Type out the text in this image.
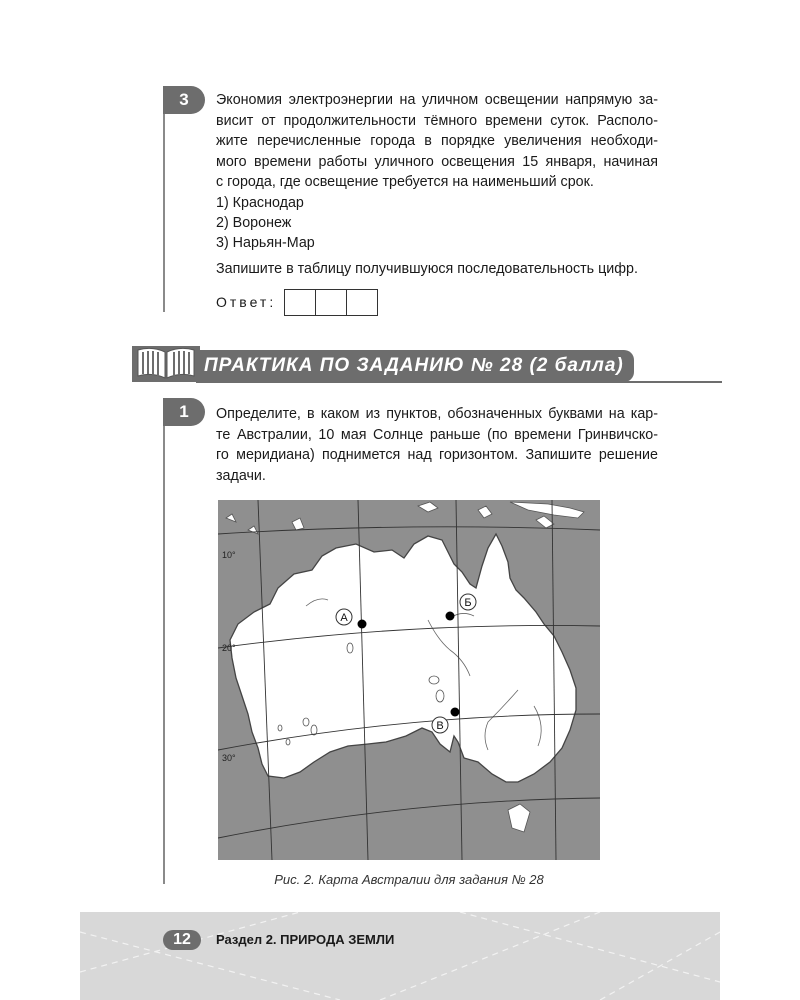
3	Экономия электроэнергии на уличном освещении напрямую за-
висит от продолжительности тёмного времени суток. Располо-
жите перечисленные города в порядке увеличения необходи-
мого времени работы уличного освещения 15 января, начиная
с города, где освещение требуется на наименьший срок.
1) Краснодар
2) Воронеж
3) Нарьян-Мар
Запишите в таблицу получившуюся последовательность цифр.
Ответ:
ПРАКТИКА ПО ЗАДАНИЮ № 28 (2 балла)
1	Определите, в каком из пунктов, обозначенных буквами на кар-
те Австралии, 10 мая Солнце раньше (по времени Гринвичско-
го меридиана) поднимется над горизонтом. Запишите решение
задачи.
10°
20°
30°
А
Б
В
Рис. 2. Карта Австралии для задания № 28
12	Раздел 2. ПРИРОДА ЗЕМЛИ
